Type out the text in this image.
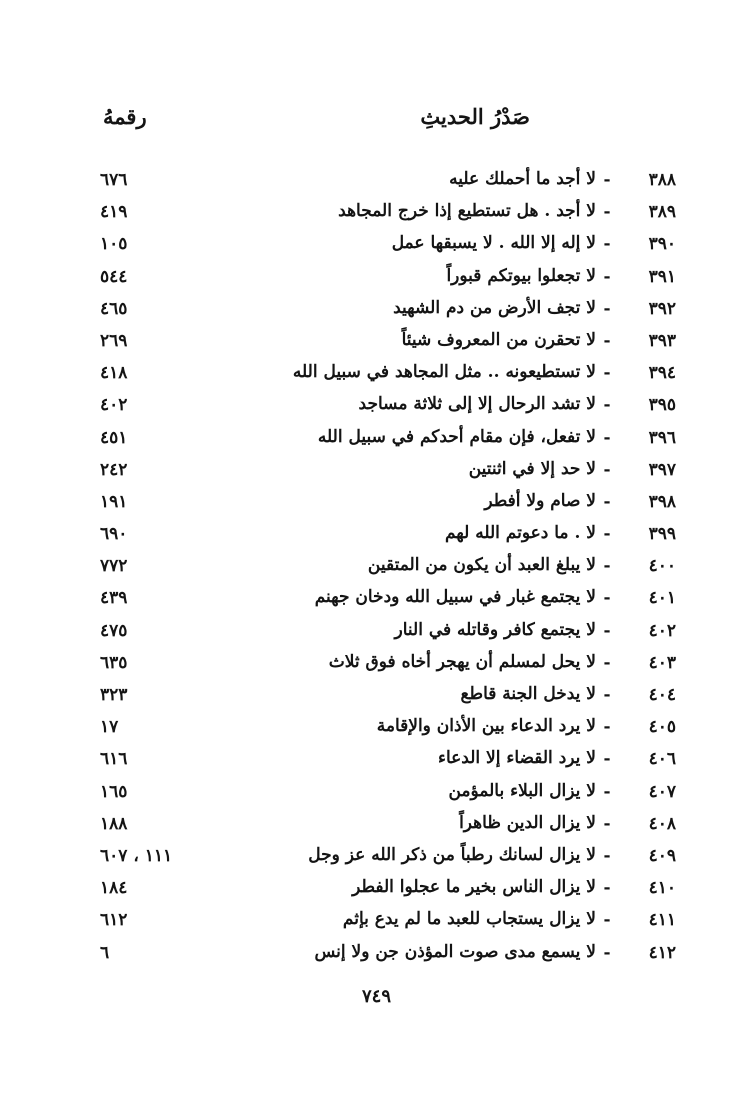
صَدْرُ الحديثِ
رقمهُ
٣٨٨
-
لا أجد ما أحملك عليه
٦٧٦
٣٨٩
-
لا أجد . هل تستطيع إذا خرج المجاهد
٤١٩
٣٩٠
-
لا إله إلا الله . لا يسبقها عمل
١٠٥
٣٩١
-
لا تجعلوا بيوتكم قبوراً
٥٤٤
٣٩٢
-
لا تجف الأرض من دم الشهيد
٤٦٥
٣٩٣
-
لا تحقرن من المعروف شيئاً
٢٦٩
٣٩٤
-
لا تستطيعونه .. مثل المجاهد في سبيل الله
٤١٨
٣٩٥
-
لا تشد الرحال إلا إلى ثلاثة مساجد
٤٠٢
٣٩٦
-
لا تفعل، فإن مقام أحدكم في سبيل الله
٤٥١
٣٩٧
-
لا حد إلا في اثنتين
٢٤٢
٣٩٨
-
لا صام ولا أفطر
١٩١
٣٩٩
-
لا . ما دعوتم الله لهم
٦٩٠
٤٠٠
-
لا يبلغ العبد أن يكون من المتقين
٧٧٢
٤٠١
-
لا يجتمع غبار في سبيل الله ودخان جهنم
٤٣٩
٤٠٢
-
لا يجتمع كافر وقاتله في النار
٤٧٥
٤٠٣
-
لا يحل لمسلم أن يهجر أخاه فوق ثلاث
٦٣٥
٤٠٤
-
لا يدخل الجنة قاطع
٣٢٣
٤٠٥
-
لا يرد الدعاء بين الأذان والإقامة
١٧
٤٠٦
-
لا يرد القضاء إلا الدعاء
٦١٦
٤٠٧
-
لا يزال البلاء بالمؤمن
١٦٥
٤٠٨
-
لا يزال الدين ظاهراً
١٨٨
٤٠٩
-
لا يزال لسانك رطباً من ذكر الله عز وجل
١١١ ، ٦٠٧
٤١٠
-
لا يزال الناس بخير ما عجلوا الفطر
١٨٤
٤١١
-
لا يزال يستجاب للعبد ما لم يدع بإثم
٦١٢
٤١٢
-
لا يسمع مدى صوت المؤذن جن ولا إنس
٦
٧٤٩
